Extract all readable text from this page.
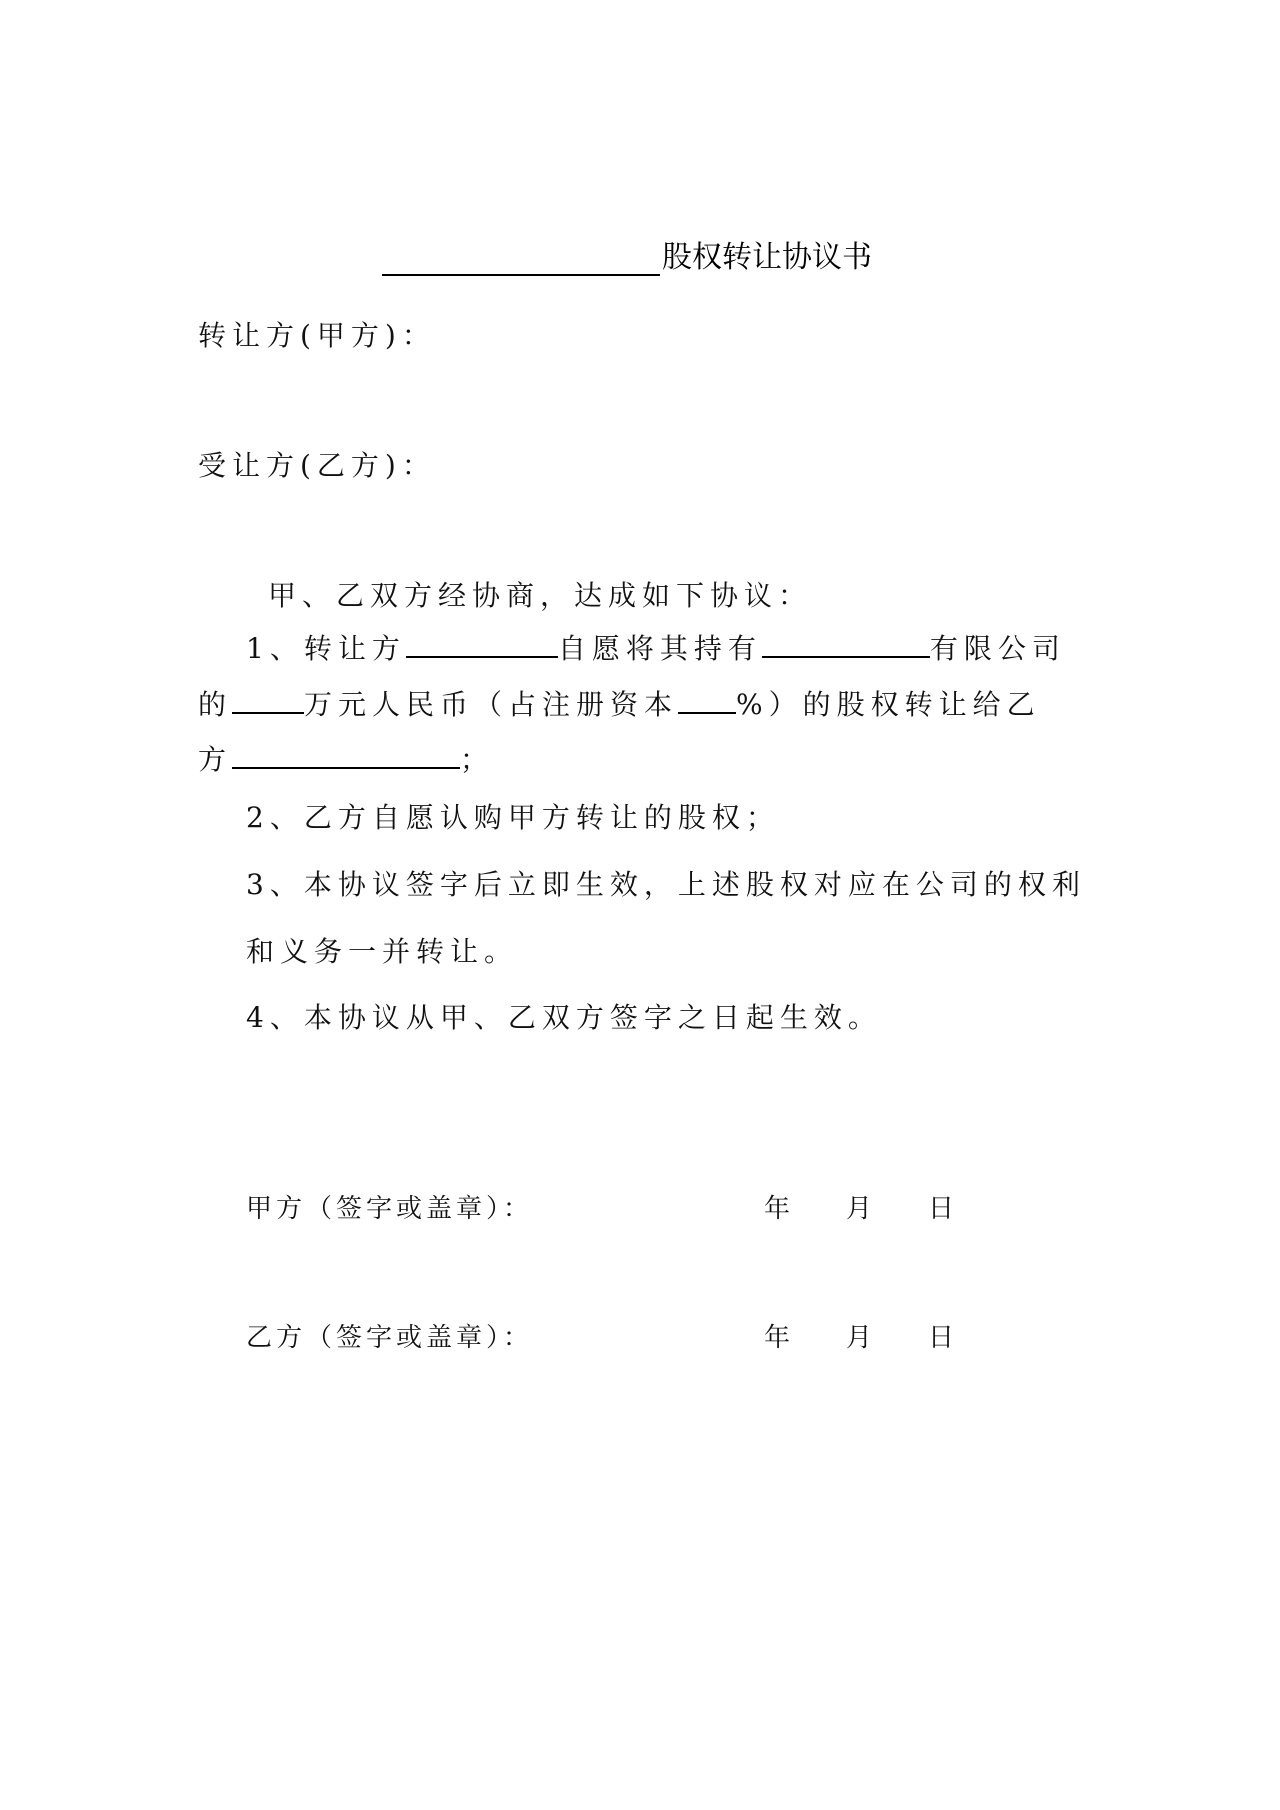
股权转让协议书
转让方(甲方)：
受让方(乙方)：
甲、乙双方经协商，达成如下协议：
1、转让方	自愿将其持有	有限公司
的	万元人民币（占注册资本 %）的股权转让给乙
方	；
2、乙方自愿认购甲方转让的股权；
3、本协议签字后立即生效，上述股权对应在公司的权利
和义务一并转让。
4、本协议从甲、乙双方签字之日起生效。
甲方（签字或盖章）：	年 月 日
乙方（签字或盖章）：	年 月 日
